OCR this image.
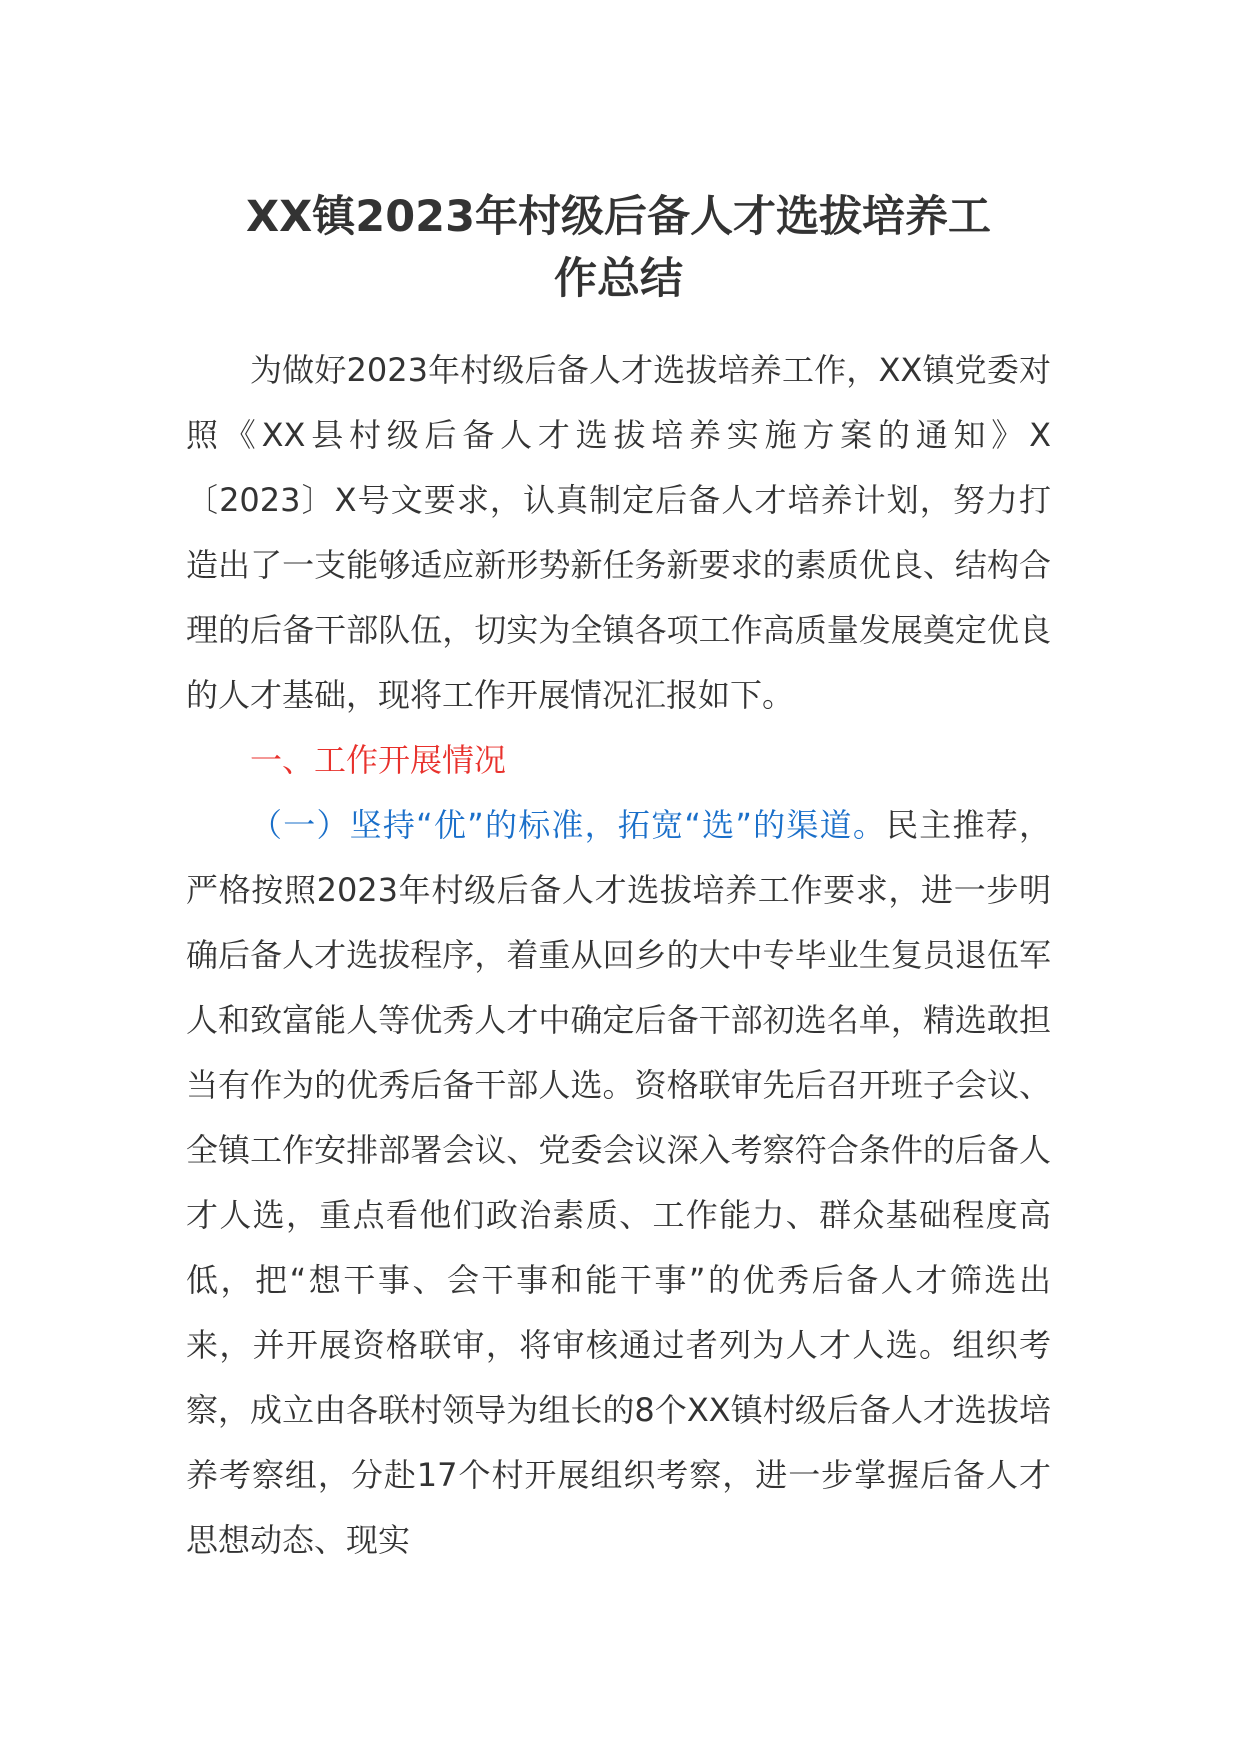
XX镇2023年村级后备人才选拔培养工
作总结

为做好2023年村级后备人才选拔培养工作，XX镇党委对照《XX县村级后备人才选拔培养实施方案的通知》X〔2023〕X号文要求，认真制定后备人才培养计划，努力打造出了一支能够适应新形势新任务新要求的素质优良、结构合理的后备干部队伍，切实为全镇各项工作高质量发展奠定优良的人才基础，现将工作开展情况汇报如下。

一、工作开展情况

（一）坚持“优”的标准，拓宽“选”的渠道。民主推荐，严格按照2023年村级后备人才选拔培养工作要求，进一步明确后备人才选拔程序，着重从回乡的大中专毕业生复员退伍军人和致富能人等优秀人才中确定后备干部初选名单，精选敢担当有作为的优秀后备干部人选。资格联审先后召开班子会议、全镇工作安排部署会议、党委会议深入考察符合条件的后备人才人选，重点看他们政治素质、工作能力、群众基础程度高低，把“想干事、会干事和能干事”的优秀后备人才筛选出来，并开展资格联审，将审核通过者列为人才人选。组织考察，成立由各联村领导为组长的8个XX镇村级后备人才选拔培养考察组，分赴17个村开展组织考察，进一步掌握后备人才思想动态、现实
